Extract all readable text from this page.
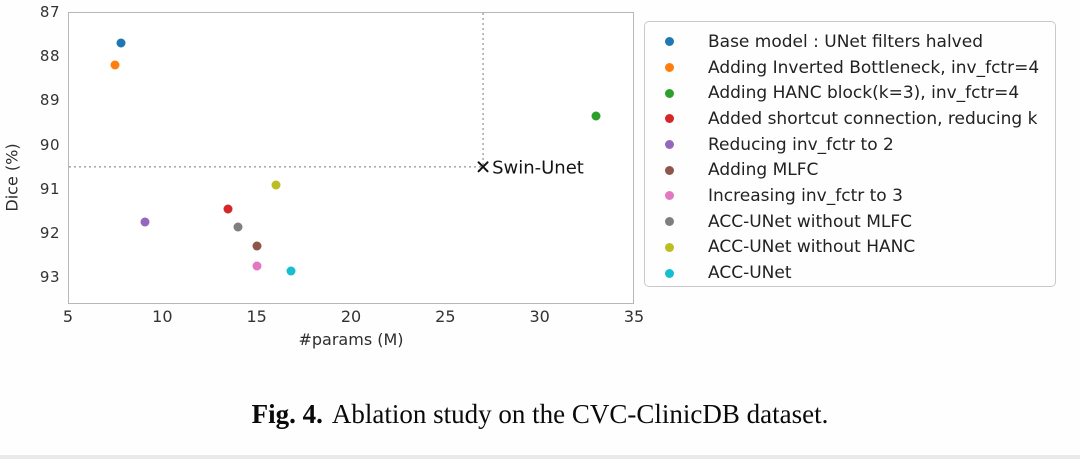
Dice (%)
#params (M)
Swin-Unet
Base model : UNet filters halved
Adding Inverted Bottleneck, inv_fctr=4
Adding HANC block(k=3), inv_fctr=4
Added shortcut connection, reducing k
Reducing inv_fctr to 2
Adding MLFC
Increasing inv_fctr to 3
ACC-UNet without MLFC
ACC-UNet without HANC
ACC-UNet
87
88
89
90
91
92
93
5	10	15	20	25	30	35
Fig. 4. Ablation study on the CVC-ClinicDB dataset.
